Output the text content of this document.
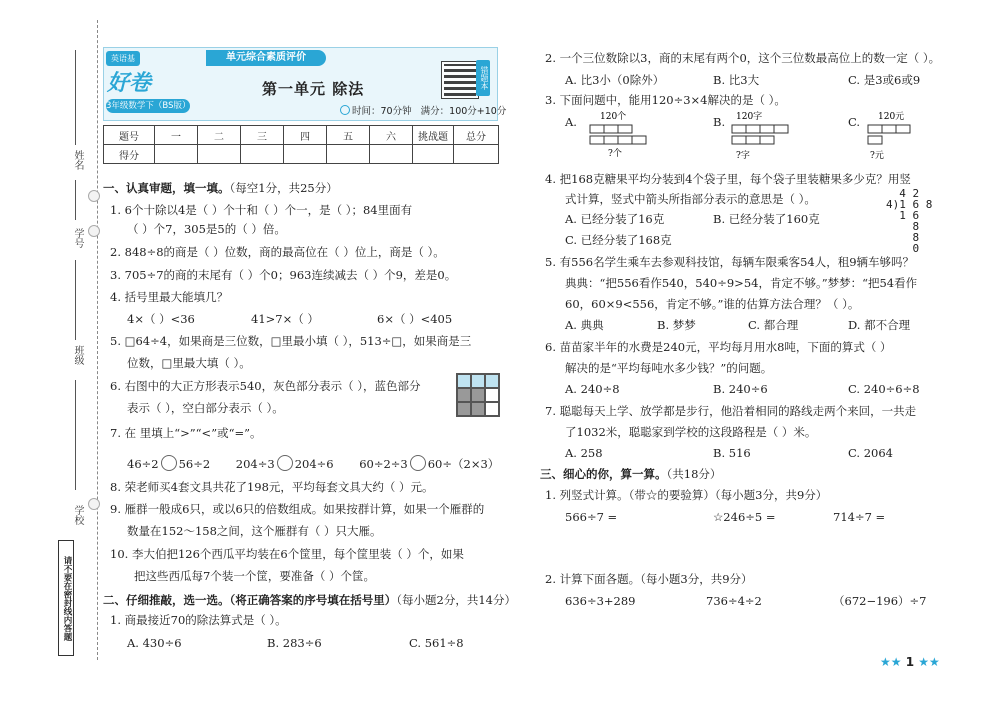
姓名
学号
班级
学校
请不要在密封线内答题
英语基
好卷
3年级数学下（BS版）
单元综合素质评价
第一单元 除法	错题本
时间：70分钟 满分：100分+10分
题号	一	二	三	四	五	六	挑战题	总分
得分								
一、认真审题，填一填。（每空1分，共25分）
1. 6个十除以4是（ ）个十和（ ）个一，是（ ）；84里面有
（ ）个7，305是5的（ ）倍。
2. 848÷8的商是（ ）位数，商的最高位在（ ）位上，商是（ ）。
3. 705÷7的商的末尾有（ ）个0；963连续减去（ ）个9，差是0。
4. 括号里最大能填几？
4×（ ）<36	41>7×（ ）	6×（ ）<405
5. □64÷4，如果商是三位数，□里最小填（ ），513÷□，如果商是三
位数，□里最大填（ ）。
6. 右图中的大正方形表示540，灰色部分表示（ ），蓝色部分
表示（ ），空白部分表示（ ）。
7. 在 里填上“>”“<”或“=”。
46÷2 56÷2 204÷3 204÷6 60÷2÷3 60÷（2×3）
8. 荣老师买4套文具共花了198元，平均每套文具大约（ ）元。
9. 雁群一般成6只，或以6只的倍数组成。如果按群计算，如果一个雁群的
数量在152～158之间，这个雁群有（ ）只大雁。
10. 李大伯把126个西瓜平均装在6个筐里，每个筐里装（ ）个，如果
把这些西瓜每7个装一个筐，要准备（ ）个筐。
二、仔细推敲，选一选。（将正确答案的序号填在括号里）（每小题2分，共14分）
1. 商最接近70的除法算式是（ ）。
A. 430÷6	B. 283÷6	C. 561÷8
2. 一个三位数除以3，商的末尾有两个0，这个三位数最高位上的数一定（ ）。
A. 比3小（0除外）	B. 比3大	C. 是3或6或9
3. 下面问题中，能用120÷3×4解决的是（ ）。
A.	120个
?个
B. 120字
?字
C. 120元
?元
4. 把168克糖果平均分装到4个袋子里，每个袋子里装糖果多少克？用竖
式计算，竖式中箭头所指部分表示的意思是（ ）。
A. 已经分装了16克	B. 已经分装了160克
C. 已经分装了168克
4 2
4)1 6 8
1 6
8
8
0
5. 有556名学生乘车去参观科技馆，每辆车限乘客54人，租9辆车够吗？
典典：“把556看作540，540÷9>54，肯定不够。”梦梦：“把54看作
60，60×9<556，肯定不够。”谁的估算方法合理？（ ）。
A. 典典	B. 梦梦	C. 都合理	D. 都不合理
6. 苗苗家半年的水费是240元，平均每月用水8吨，下面的算式（ ）
解决的是“平均每吨水多少钱？”的问题。
A. 240÷8	B. 240÷6	C. 240÷6÷8
7. 聪聪每天上学、放学都是步行，他沿着相同的路线走两个来回，一共走
了1032米，聪聪家到学校的这段路程是（ ）米。
A. 258	B. 516	C. 2064
三、细心的你，算一算。（共18分）
1. 列竖式计算。（带☆的要验算）（每小题3分，共9分）
566÷7 =	☆246÷5 =	714÷7 =
2. 计算下面各题。（每小题3分，共9分）
636÷3+289	736÷4÷2	（672−196）÷7
★★ 1 ★★
